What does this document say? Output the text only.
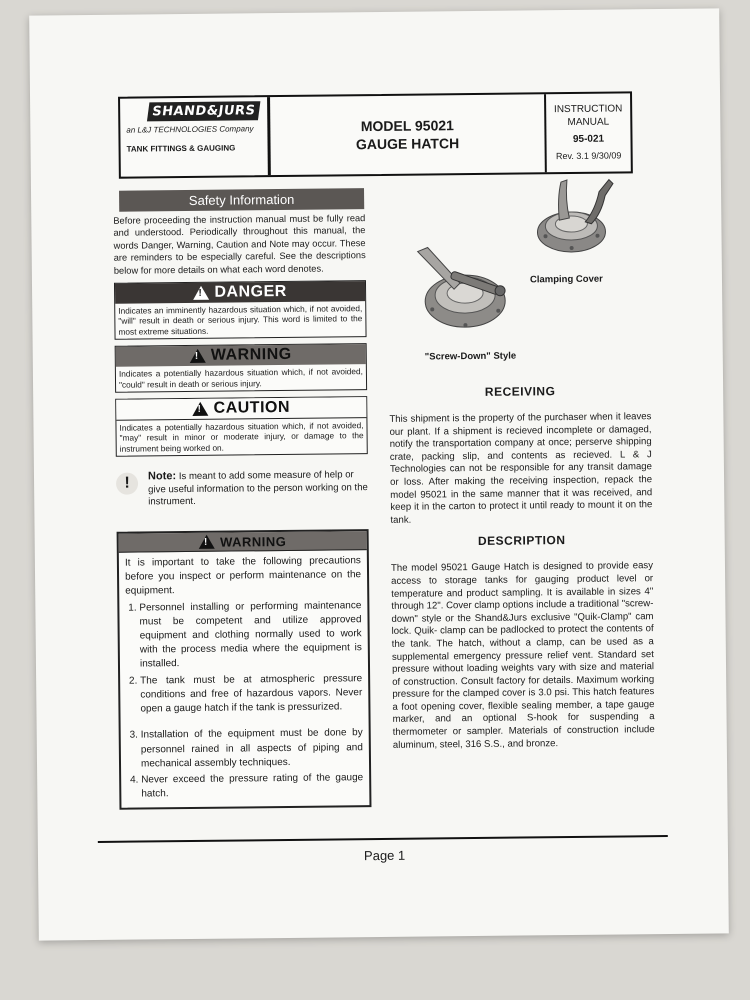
SHAND&JURS
an L&J TECHNOLOGIES Company
TANK FITTINGS & GAUGING
MODEL 95021
GAUGE HATCH
INSTRUCTION
MANUAL
95-021
Rev. 3.1 9/30/09
Safety Information
Before proceeding the instruction manual must be fully read and understood. Periodically throughout this manual, the words Danger, Warning, Caution and Note may occur. These are reminders to be especially careful. See the descriptions below for more details on what each word denotes.
!
DANGER
Indicates an imminently hazardous situation which, if not avoided, "will" result in death or serious injury. This word is limited to the most extreme situations.
!
WARNING
Indicates a potentially hazardous situation which, if not avoided, "could" result in death or serious injury.
!
CAUTION
Indicates a potentially hazardous situation which, if not avoided, "may" result in minor or moderate injury, or damage to the instrument being worked on.
!	Note: Is meant to add some measure of help or give useful information to the person working on the instrument.
!
WARNING
It is important to take the following precautions before you inspect or perform maintenance on the equipment.
1. Personnel installing or performing maintenance must be competent and utilize approved equipment and clothing normally used to work with the process media where the equipment is installed.
2. The tank must be at atmospheric pressure conditions and free of hazardous vapors. Never open a gauge hatch if the tank is pressurized.
3. Installation of the equipment must be done by personnel rained in all aspects of piping and mechanical assembly techniques.
4. Never exceed the pressure rating of the gauge hatch.
Clamping Cover
"Screw-Down" Style
RECEIVING

This shipment is the property of the purchaser when it leaves our plant. If a shipment is recieved incomplete or damaged, notify the transportation company at once; perserve shipping crate, packing slip, and contents as recieved. L & J Technologies can not be responsible for any transit damage or loss. After making the receiving inspection, repack the model 95021 in the same manner that it was received, and keep it in the carton to protect it until ready to mount it on the tank.

DESCRIPTION

The model 95021 Gauge Hatch is designed to provide easy access to storage tanks for gauging product level or temperature and product sampling. It is available in sizes 4" through 12". Cover clamp options include a traditional "screw-down" style or the Shand&Jurs exclusive "Quik-Clamp" cam lock. Quik- clamp can be padlocked to protect the contents of the tank. The hatch, without a clamp, can be used as a supplemental emergency pressure relief vent. Standard set pressure without loading weights vary with size and material of construction. Consult factory for details. Maximum working pressure for the clamped cover is 3.0 psi. This hatch features a foot opening cover, flexible sealing member, a tape gauge marker, and an optional S-hook for suspending a thermometer or sampler. Materials of construction include aluminum, steel, 316 S.S., and bronze.

Page 1
